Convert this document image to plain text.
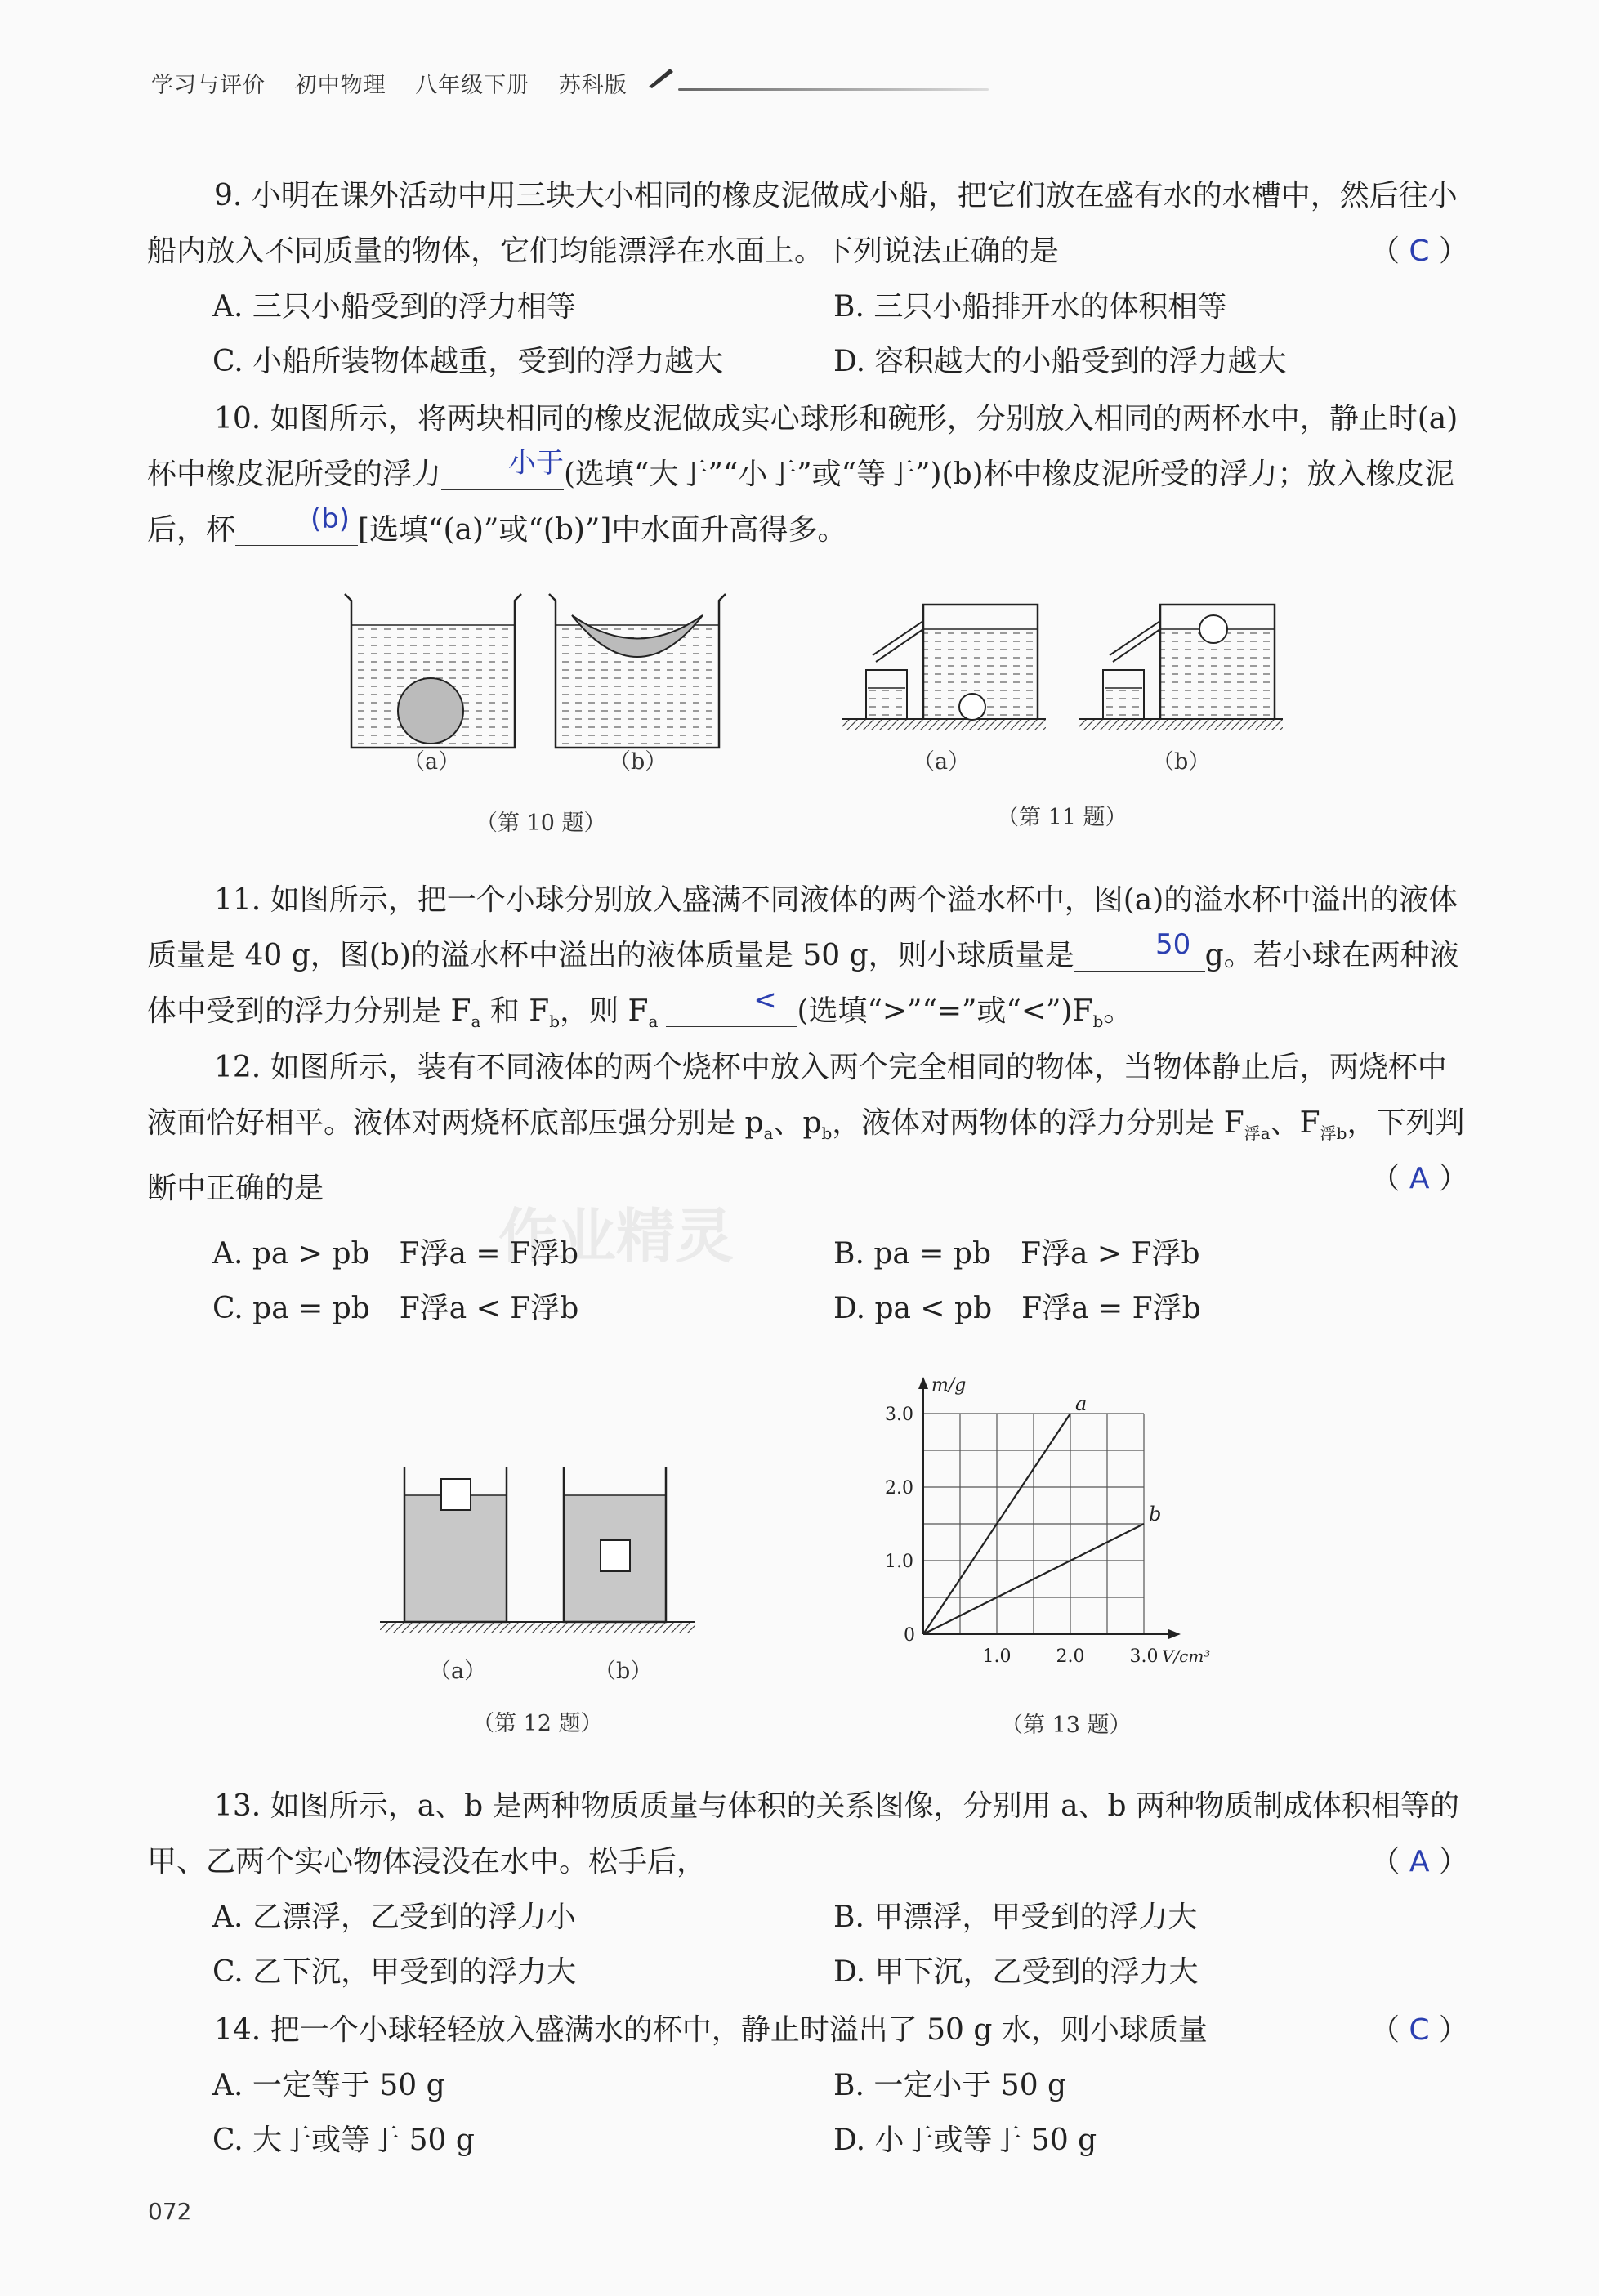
学习与评价 初中物理 八年级下册 苏科版
作业精灵

9. 小明在课外活动中用三块大小相同的橡皮泥做成小船，把它们放在盛有水的水槽中，然后往小船内放入不同质量的物体，它们均能漂浮在水面上。下列说法正确的是	（ C ）
A. 三只小船受到的浮力相等	B. 三只小船排开水的体积相等
C. 小船所装物体越重，受到的浮力越大	D. 容积越大的小船受到的浮力越大

10. 如图所示，将两块相同的橡皮泥做成实心球形和碗形，分别放入相同的两杯水中，静止时(a)杯中橡皮泥所受的浮力	小于 (选填“大于”“小于”或“等于”)(b)杯中橡皮泥所受的浮力；放入橡皮泥后，杯	(b) [选填“(a)”或“(b)”]中水面升高得多。

（a）	（b）
（第 10 题）
（a）	（b）
（第 11 题）

11. 如图所示，把一个小球分别放入盛满不同液体的两个溢水杯中，图(a)的溢水杯中溢出的液体质量是 40 g，图(b)的溢水杯中溢出的液体质量是 50 g，则小球质量是	50 g。若小球在两种液体中受到的浮力分别是 $F_a$ 和 $F_b$，则 $F_a$
< (选填“>”“=”或“$<”)F_b$。

12. 如图所示，装有不同液体的两个烧杯中放入两个完全相同的物体，当物体静止后，两烧杯中液面恰好相平。液体对两烧杯底部压强分别是 $p_a$、$p_b$，液体对两物体的浮力分别是 $F_{浮a}$、$F_{浮b}$，下列判断中正确的是	（ A ）
A. pa > pb　F浮a = F浮b	B. pa = pb　F浮a > F浮b
C. pa = pb　F浮a < F浮b	D. pa < pb　F浮a = F浮b
（a）	（b）
（第 12 题）
1.0	2.0	3.0
1.0
2.0
3.0
0
m/g
V/cm³
a
b
（第 13 题）

13. 如图所示，a、b 是两种物质质量与体积的关系图像，分别用 a、b 两种物质制成体积相等的甲、乙两个实心物体浸没在水中。松手后，	（ A ）
A. 乙漂浮，乙受到的浮力小	B. 甲漂浮，甲受到的浮力大
C. 乙下沉，甲受到的浮力大	D. 甲下沉，乙受到的浮力大

14. 把一个小球轻轻放入盛满水的杯中，静止时溢出了 50 g 水，则小球质量	（ C ）
A. 一定等于 50 g	B. 一定小于 50 g
C. 大于或等于 50 g	D. 小于或等于 50 g
072
